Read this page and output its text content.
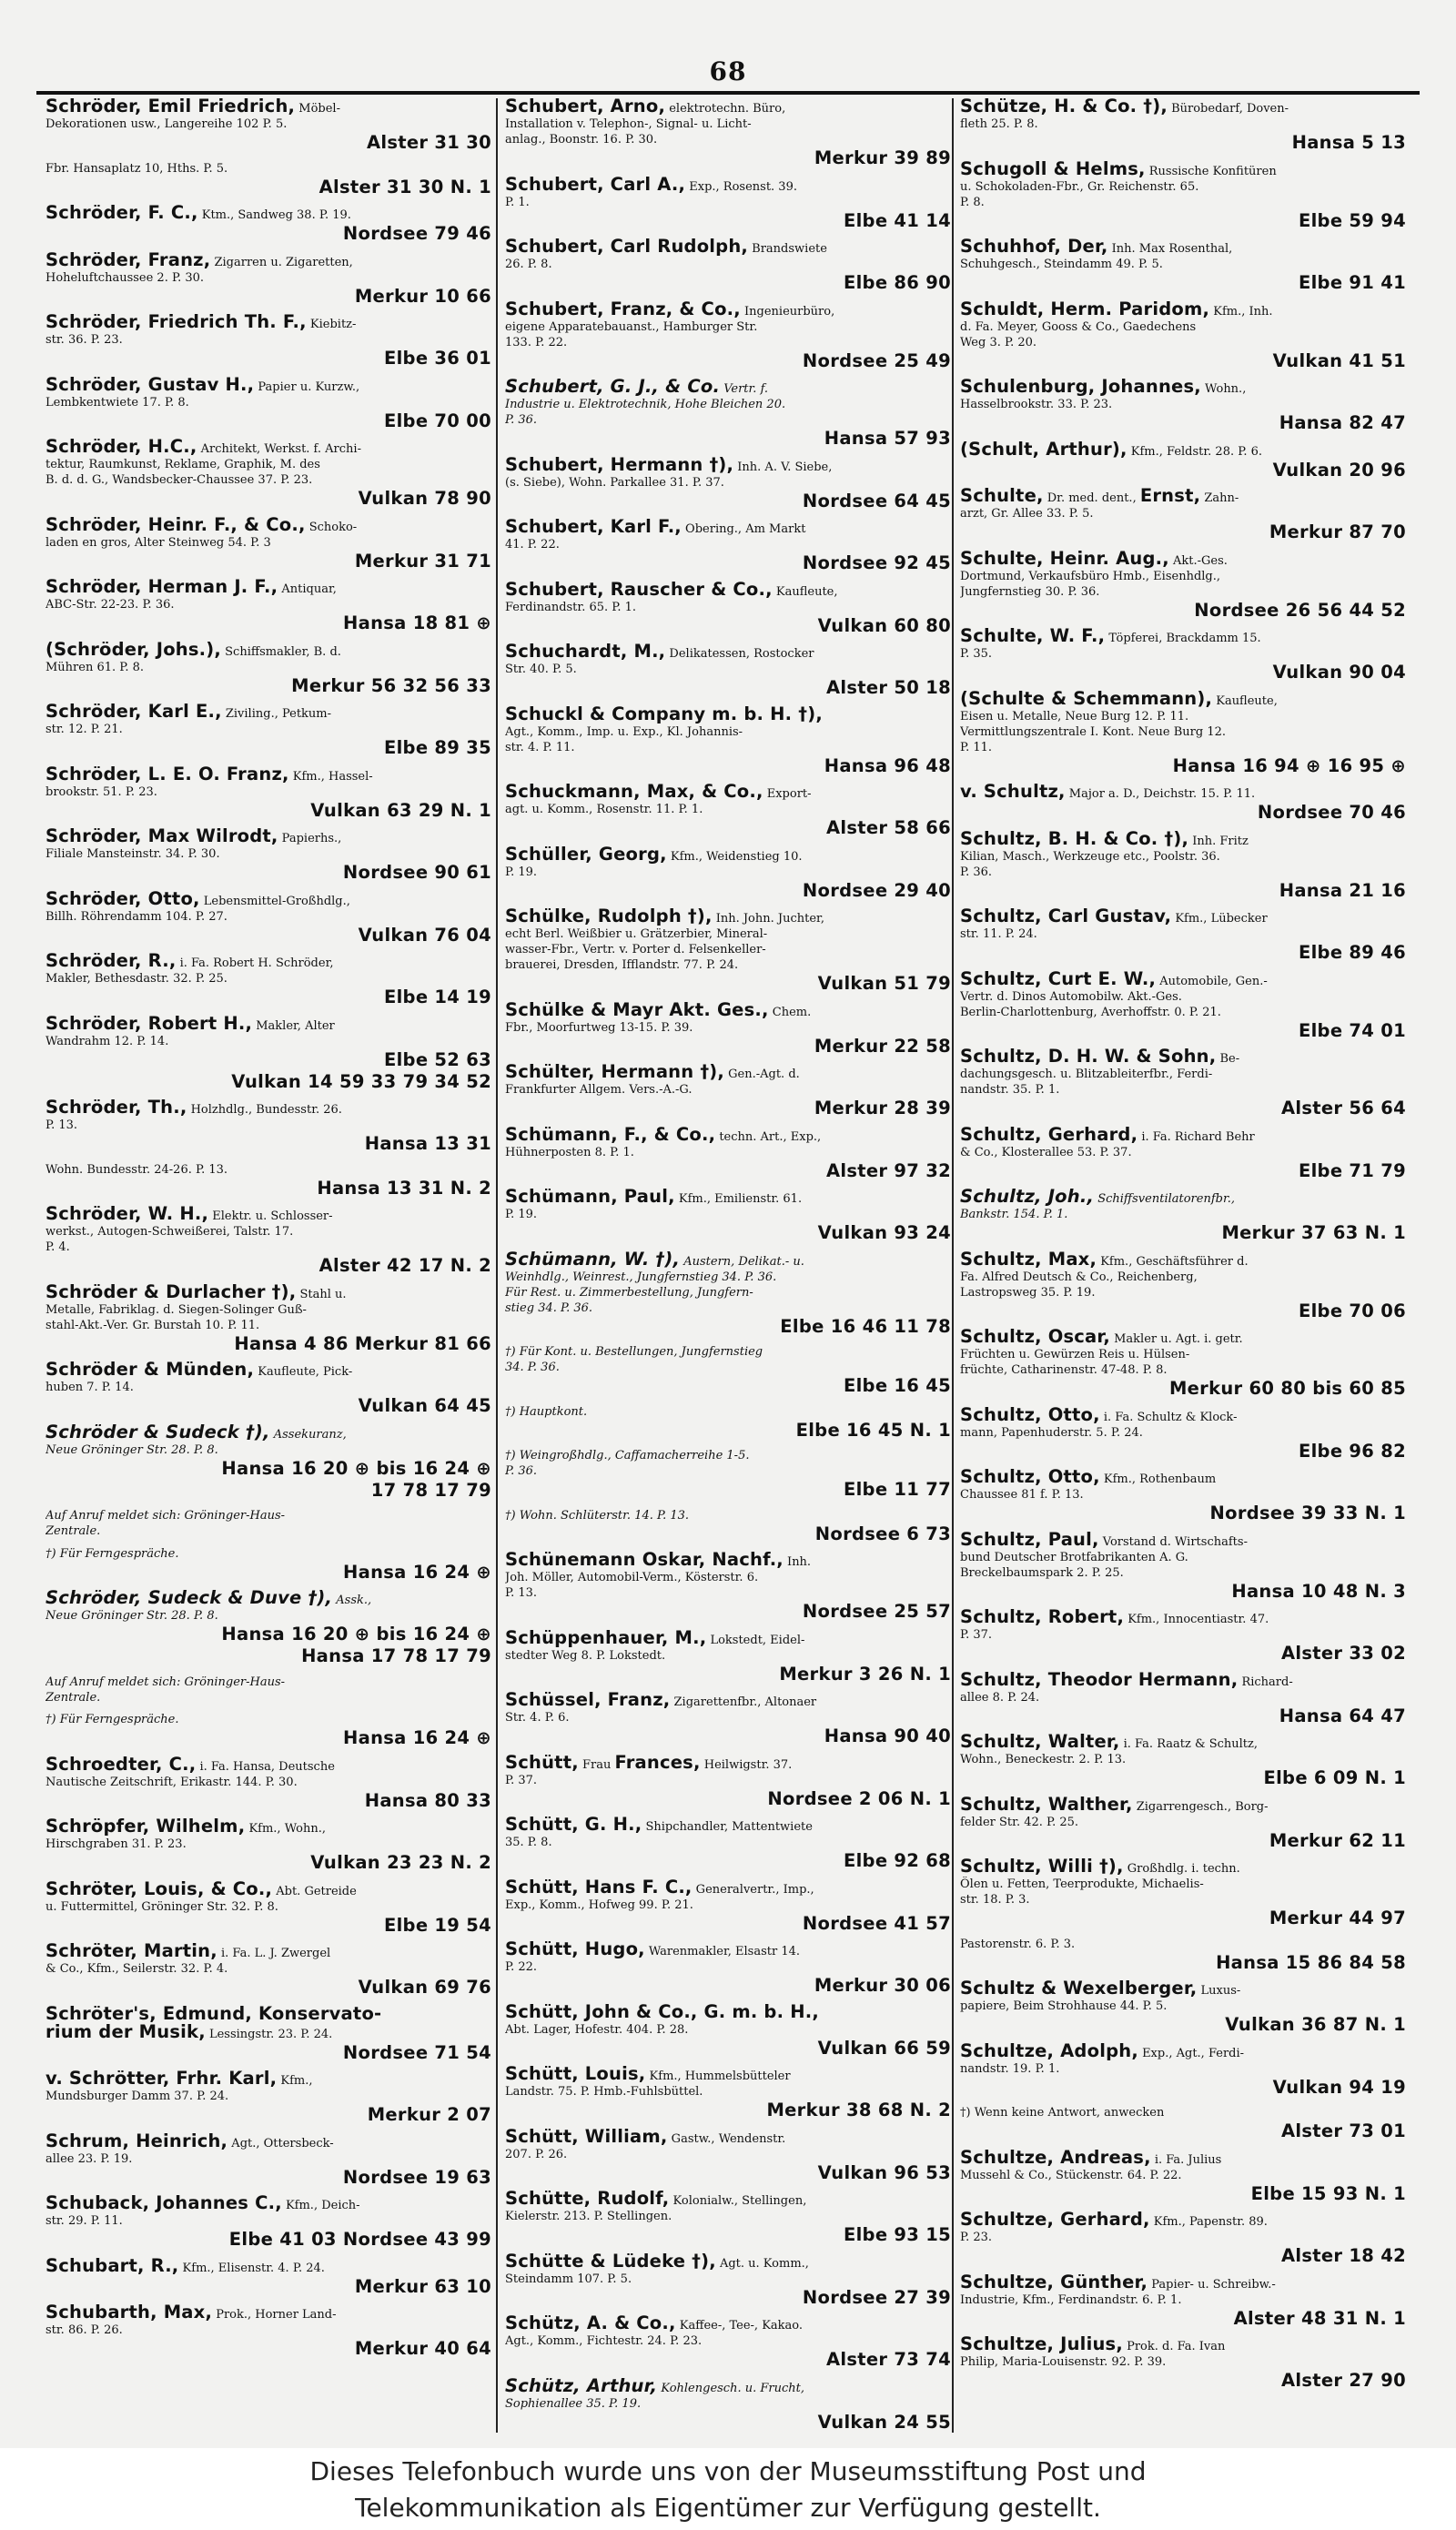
68
Schröder, Emil Friedrich, Möbel-
Dekorationen usw., Langereihe 102 P. 5.
Alster 31 30
Fbr. Hansaplatz 10, Hths. P. 5.
Alster 31 30 N. 1
Schröder, F. C., Ktm., Sandweg 38. P. 19.
Nordsee 79 46
Schröder, Franz, Zigarren u. Zigaretten,
Hoheluftchaussee 2. P. 30.
Merkur 10 66
Schröder, Friedrich Th. F., Kiebitz-
str. 36. P. 23.
Elbe 36 01
Schröder, Gustav H., Papier u. Kurzw.,
Lembkentwiete 17. P. 8.
Elbe 70 00
Schröder, H.C., Architekt, Werkst. f. Archi-
tektur, Raumkunst, Reklame, Graphik, M. des
B. d. d. G., Wandsbecker-Chaussee 37. P. 23.
Vulkan 78 90
Schröder, Heinr. F., & Co., Schoko-
laden en gros, Alter Steinweg 54. P. 3
Merkur 31 71
Schröder, Herman J. F., Antiquar,
ABC-Str. 22-23. P. 36.
Hansa 18 81 ⊕
(Schröder, Johs.), Schiffsmakler, B. d.
Mühren 61. P. 8.
Merkur 56 32 56 33
Schröder, Karl E., Ziviling., Petkum-
str. 12. P. 21.
Elbe 89 35
Schröder, L. E. O. Franz, Kfm., Hassel-
brookstr. 51. P. 23.
Vulkan 63 29 N. 1
Schröder, Max Wilrodt, Papierhs.,
Filiale Mansteinstr. 34. P. 30.
Nordsee 90 61
Schröder, Otto, Lebensmittel-Großhdlg.,
Billh. Röhrendamm 104. P. 27.
Vulkan 76 04
Schröder, R., i. Fa. Robert H. Schröder,
Makler, Bethesdastr. 32. P. 25.
Elbe 14 19
Schröder, Robert H., Makler, Alter
Wandrahm 12. P. 14.
Elbe 52 63
Vulkan 14 59 33 79 34 52
Schröder, Th., Holzhdlg., Bundesstr. 26.
P. 13.
Hansa 13 31
Wohn. Bundesstr. 24-26. P. 13.
Hansa 13 31 N. 2
Schröder, W. H., Elektr. u. Schlosser-
werkst., Autogen-Schweißerei, Talstr. 17.
P. 4.
Alster 42 17 N. 2
Schröder & Durlacher †), Stahl u.
Metalle, Fabriklag. d. Siegen-Solinger Guß-
stahl-Akt.-Ver. Gr. Burstah 10. P. 11.
Hansa 4 86 Merkur 81 66
Schröder & Münden, Kaufleute, Pick-
huben 7. P. 14.
Vulkan 64 45
Schröder & Sudeck †), Assekuranz,
Neue Gröninger Str. 28. P. 8.
Hansa 16 20 ⊕ bis 16 24 ⊕
17 78 17 79
Auf Anruf meldet sich: Gröninger-Haus-
Zentrale.
†) Für Ferngespräche.
Hansa 16 24 ⊕
Schröder, Sudeck & Duve †), Assk.,
Neue Gröninger Str. 28. P. 8.
Hansa 16 20 ⊕ bis 16 24 ⊕
Hansa 17 78 17 79
Auf Anruf meldet sich: Gröninger-Haus-
Zentrale.
†) Für Ferngespräche.
Hansa 16 24 ⊕
Schroedter, C., i. Fa. Hansa, Deutsche
Nautische Zeitschrift, Erikastr. 144. P. 30.
Hansa 80 33
Schröpfer, Wilhelm, Kfm., Wohn.,
Hirschgraben 31. P. 23.
Vulkan 23 23 N. 2
Schröter, Louis, & Co., Abt. Getreide
u. Futtermittel, Gröninger Str. 32. P. 8.
Elbe 19 54
Schröter, Martin, i. Fa. L. J. Zwergel
& Co., Kfm., Seilerstr. 32. P. 4.
Vulkan 69 76
Schröter's, Edmund, Konservato-
rium der Musik, Lessingstr. 23. P. 24.
Nordsee 71 54
v. Schrötter, Frhr. Karl, Kfm.,
Mundsburger Damm 37. P. 24.
Merkur 2 07
Schrum, Heinrich, Agt., Ottersbeck-
allee 23. P. 19.
Nordsee 19 63
Schuback, Johannes C., Kfm., Deich-
str. 29. P. 11.
Elbe 41 03 Nordsee 43 99
Schubart, R., Kfm., Elisenstr. 4. P. 24.
Merkur 63 10
Schubarth, Max, Prok., Horner Land-
str. 86. P. 26.
Merkur 40 64
Schubert, Arno, elektrotechn. Büro,
Installation v. Telephon-, Signal- u. Licht-
anlag., Boonstr. 16. P. 30.
Merkur 39 89
Schubert, Carl A., Exp., Rosenst. 39.
P. 1.
Elbe 41 14
Schubert, Carl Rudolph, Brandswiete
26. P. 8.
Elbe 86 90
Schubert, Franz, & Co., Ingenieurbüro,
eigene Apparatebauanst., Hamburger Str.
133. P. 22.
Nordsee 25 49
Schubert, G. J., & Co. Vertr. f.
Industrie u. Elektrotechnik, Hohe Bleichen 20.
P. 36.
Hansa 57 93
Schubert, Hermann †), Inh. A. V. Siebe,
(s. Siebe), Wohn. Parkallee 31. P. 37.
Nordsee 64 45
Schubert, Karl F., Obering., Am Markt
41. P. 22.
Nordsee 92 45
Schubert, Rauscher & Co., Kaufleute,
Ferdinandstr. 65. P. 1.
Vulkan 60 80
Schuchardt, M., Delikatessen, Rostocker
Str. 40. P. 5.
Alster 50 18
Schuckl & Company m. b. H. †),
Agt., Komm., Imp. u. Exp., Kl. Johannis-
str. 4. P. 11.
Hansa 96 48
Schuckmann, Max, & Co., Export-
agt. u. Komm., Rosenstr. 11. P. 1.
Alster 58 66
Schüller, Georg, Kfm., Weidenstieg 10.
P. 19.
Nordsee 29 40
Schülke, Rudolph †), Inh. John. Juchter,
echt Berl. Weißbier u. Grätzerbier, Mineral-
wasser-Fbr., Vertr. v. Porter d. Felsenkeller-
brauerei, Dresden, Ifflandstr. 77. P. 24.
Vulkan 51 79
Schülke & Mayr Akt. Ges., Chem.
Fbr., Moorfurtweg 13-15. P. 39.
Merkur 22 58
Schülter, Hermann †), Gen.-Agt. d.
Frankfurter Allgem. Vers.-A.-G.
Merkur 28 39
Schümann, F., & Co., techn. Art., Exp.,
Hühnerposten 8. P. 1.
Alster 97 32
Schümann, Paul, Kfm., Emilienstr. 61.
P. 19.
Vulkan 93 24
Schümann, W. †), Austern, Delikat.- u.
Weinhdlg., Weinrest., Jungfernstieg 34. P. 36.
Für Rest. u. Zimmerbestellung, Jungfern-
stieg 34. P. 36.
Elbe 16 46 11 78
†) Für Kont. u. Bestellungen, Jungfernstieg
34. P. 36.
Elbe 16 45
†) Hauptkont.
Elbe 16 45 N. 1
†) Weingroßhdlg., Caffamacherreihe 1-5.
P. 36.
Elbe 11 77
†) Wohn. Schlüterstr. 14. P. 13.
Nordsee 6 73
Schünemann Oskar, Nachf., Inh.
Joh. Möller, Automobil-Verm., Kösterstr. 6.
P. 13.
Nordsee 25 57
Schüppenhauer, M., Lokstedt, Eidel-
stedter Weg 8. P. Lokstedt.
Merkur 3 26 N. 1
Schüssel, Franz, Zigarettenfbr., Altonaer
Str. 4. P. 6.
Hansa 90 40
Schütt, Frau Frances, Heilwigstr. 37.
P. 37.
Nordsee 2 06 N. 1
Schütt, G. H., Shipchandler, Mattentwiete
35. P. 8.
Elbe 92 68
Schütt, Hans F. C., Generalvertr., Imp.,
Exp., Komm., Hofweg 99. P. 21.
Nordsee 41 57
Schütt, Hugo, Warenmakler, Elsastr 14.
P. 22.
Merkur 30 06
Schütt, John & Co., G. m. b. H.,
Abt. Lager, Hofestr. 404. P. 28.
Vulkan 66 59
Schütt, Louis, Kfm., Hummelsbütteler
Landstr. 75. P. Hmb.-Fuhlsbüttel.
Merkur 38 68 N. 2
Schütt, William, Gastw., Wendenstr.
207. P. 26.
Vulkan 96 53
Schütte, Rudolf, Kolonialw., Stellingen,
Kielerstr. 213. P. Stellingen.
Elbe 93 15
Schütte & Lüdeke †), Agt. u. Komm.,
Steindamm 107. P. 5.
Nordsee 27 39
Schütz, A. & Co., Kaffee-, Tee-, Kakao.
Agt., Komm., Fichtestr. 24. P. 23.
Alster 73 74
Schütz, Arthur, Kohlengesch. u. Frucht,
Sophienallee 35. P. 19.
Vulkan 24 55
Schütze, H. & Co. †), Bürobedarf, Doven-
fleth 25. P. 8.
Hansa 5 13
Schugoll & Helms, Russische Konfitüren
u. Schokoladen-Fbr., Gr. Reichenstr. 65.
P. 8.
Elbe 59 94
Schuhhof, Der, Inh. Max Rosenthal,
Schuhgesch., Steindamm 49. P. 5.
Elbe 91 41
Schuldt, Herm. Paridom, Kfm., Inh.
d. Fa. Meyer, Gooss & Co., Gaedechens
Weg 3. P. 20.
Vulkan 41 51
Schulenburg, Johannes, Wohn.,
Hasselbrookstr. 33. P. 23.
Hansa 82 47
(Schult, Arthur), Kfm., Feldstr. 28. P. 6.
Vulkan 20 96
Schulte, Dr. med. dent., Ernst, Zahn-
arzt, Gr. Allee 33. P. 5.
Merkur 87 70
Schulte, Heinr. Aug., Akt.-Ges.
Dortmund, Verkaufsbüro Hmb., Eisenhdlg.,
Jungfernstieg 30. P. 36.
Nordsee 26 56 44 52
Schulte, W. F., Töpferei, Brackdamm 15.
P. 35.
Vulkan 90 04
(Schulte & Schemmann), Kaufleute,
Eisen u. Metalle, Neue Burg 12. P. 11.
Vermittlungszentrale I. Kont. Neue Burg 12.
P. 11.
Hansa 16 94 ⊕ 16 95 ⊕
v. Schultz, Major a. D., Deichstr. 15. P. 11.
Nordsee 70 46
Schultz, B. H. & Co. †), Inh. Fritz
Kilian, Masch., Werkzeuge etc., Poolstr. 36.
P. 36.
Hansa 21 16
Schultz, Carl Gustav, Kfm., Lübecker
str. 11. P. 24.
Elbe 89 46
Schultz, Curt E. W., Automobile, Gen.-
Vertr. d. Dinos Automobilw. Akt.-Ges.
Berlin-Charlottenburg, Averhoffstr. 0. P. 21.
Elbe 74 01
Schultz, D. H. W. & Sohn, Be-
dachungsgesch. u. Blitzableiterfbr., Ferdi-
nandstr. 35. P. 1.
Alster 56 64
Schultz, Gerhard, i. Fa. Richard Behr
& Co., Klosterallee 53. P. 37.
Elbe 71 79
Schultz, Joh., Schiffsventilatorenfbr.,
Bankstr. 154. P. 1.
Merkur 37 63 N. 1
Schultz, Max, Kfm., Geschäftsführer d.
Fa. Alfred Deutsch & Co., Reichenberg,
Lastropsweg 35. P. 19.
Elbe 70 06
Schultz, Oscar, Makler u. Agt. i. getr.
Früchten u. Gewürzen Reis u. Hülsen-
früchte, Catharinenstr. 47-48. P. 8.
Merkur 60 80 bis 60 85
Schultz, Otto, i. Fa. Schultz & Klock-
mann, Papenhuderstr. 5. P. 24.
Elbe 96 82
Schultz, Otto, Kfm., Rothenbaum
Chaussee 81 f. P. 13.
Nordsee 39 33 N. 1
Schultz, Paul, Vorstand d. Wirtschafts-
bund Deutscher Brotfabrikanten A. G.
Breckelbaumspark 2. P. 25.
Hansa 10 48 N. 3
Schultz, Robert, Kfm., Innocentiastr. 47.
P. 37.
Alster 33 02
Schultz, Theodor Hermann, Richard-
allee 8. P. 24.
Hansa 64 47
Schultz, Walter, i. Fa. Raatz & Schultz,
Wohn., Beneckestr. 2. P. 13.
Elbe 6 09 N. 1
Schultz, Walther, Zigarrengesch., Borg-
felder Str. 42. P. 25.
Merkur 62 11
Schultz, Willi †), Großhdlg. i. techn.
Ölen u. Fetten, Teerprodukte, Michaelis-
str. 18. P. 3.
Merkur 44 97
Pastorenstr. 6. P. 3.
Hansa 15 86 84 58
Schultz & Wexelberger, Luxus-
papiere, Beim Strohhause 44. P. 5.
Vulkan 36 87 N. 1
Schultze, Adolph, Exp., Agt., Ferdi-
nandstr. 19. P. 1.
Vulkan 94 19
†) Wenn keine Antwort, anwecken
Alster 73 01
Schultze, Andreas, i. Fa. Julius
Mussehl & Co., Stückenstr. 64. P. 22.
Elbe 15 93 N. 1
Schultze, Gerhard, Kfm., Papenstr. 89.
P. 23.
Alster 18 42
Schultze, Günther, Papier- u. Schreibw.-
Industrie, Kfm., Ferdinandstr. 6. P. 1.
Alster 48 31 N. 1
Schultze, Julius, Prok. d. Fa. Ivan
Philip, Maria-Louisenstr. 92. P. 39.
Alster 27 90
Dieses Telefonbuch wurde uns von der Museumsstiftung Post und
Telekommunikation als Eigentümer zur Verfügung gestellt.
